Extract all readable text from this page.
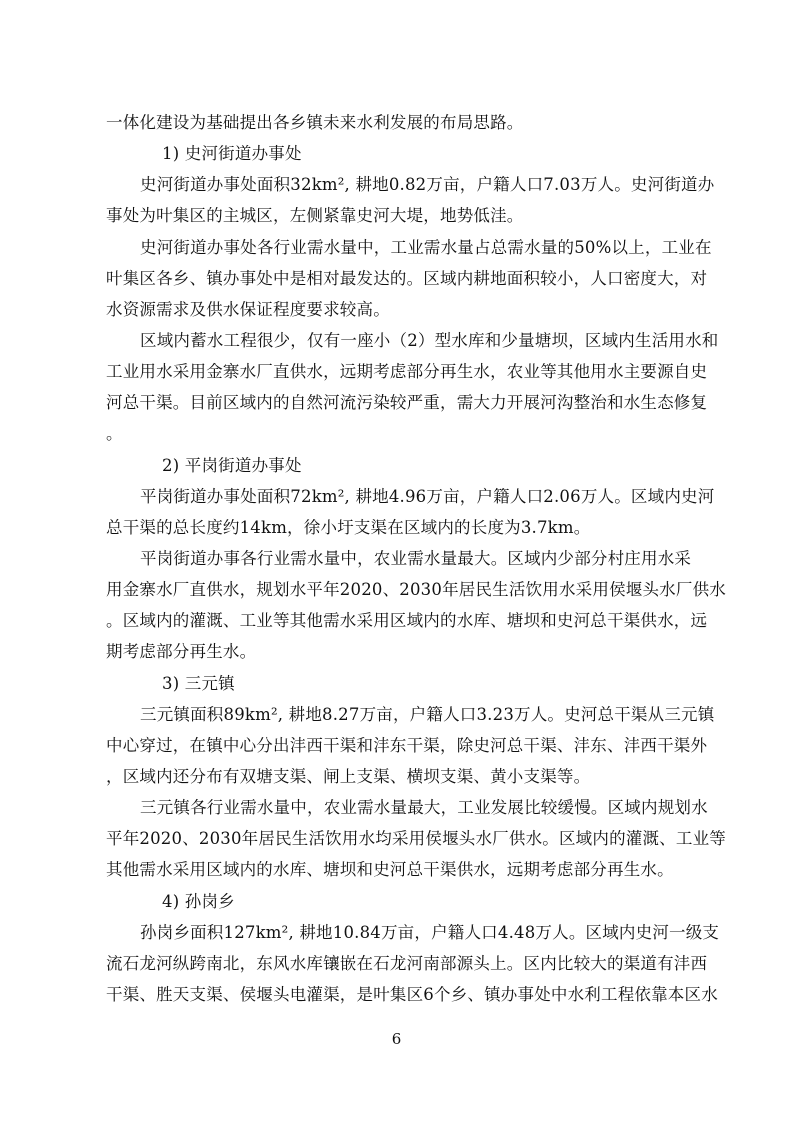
一体化建设为基础提出各乡镇未来水利发展的布局思路。
1) 史河街道办事处
史河街道办事处面积32km², 耕地0.82万亩，户籍人口7.03万人。史河街道办
事处为叶集区的主城区，左侧紧靠史河大堤，地势低洼。
史河街道办事处各行业需水量中，工业需水量占总需水量的50%以上，工业在
叶集区各乡、镇办事处中是相对最发达的。区域内耕地面积较小，人口密度大，对
水资源需求及供水保证程度要求较高。
区域内蓄水工程很少，仅有一座小（2）型水库和少量塘坝，区域内生活用水和
工业用水采用金寨水厂直供水，远期考虑部分再生水，农业等其他用水主要源自史
河总干渠。目前区域内的自然河流污染较严重，需大力开展河沟整治和水生态修复
。
2) 平岗街道办事处
平岗街道办事处面积72km², 耕地4.96万亩，户籍人口2.06万人。区域内史河
总干渠的总长度约14km，徐小圩支渠在区域内的长度为3.7km。
平岗街道办事各行业需水量中，农业需水量最大。区域内少部分村庄用水采
用金寨水厂直供水，规划水平年2020、2030年居民生活饮用水采用侯堰头水厂供水
。区域内的灌溉、工业等其他需水采用区域内的水库、塘坝和史河总干渠供水，远
期考虑部分再生水。
3) 三元镇
三元镇面积89km², 耕地8.27万亩，户籍人口3.23万人。史河总干渠从三元镇
中心穿过，在镇中心分出沣西干渠和沣东干渠，除史河总干渠、沣东、沣西干渠外
，区域内还分布有双塘支渠、闸上支渠、横坝支渠、黄小支渠等。
三元镇各行业需水量中，农业需水量最大，工业发展比较缓慢。区域内规划水
平年2020、2030年居民生活饮用水均采用侯堰头水厂供水。区域内的灌溉、工业等
其他需水采用区域内的水库、塘坝和史河总干渠供水，远期考虑部分再生水。
4) 孙岗乡
孙岗乡面积127km², 耕地10.84万亩，户籍人口4.48万人。区域内史河一级支
流石龙河纵跨南北，东风水库镶嵌在石龙河南部源头上。区内比较大的渠道有沣西
干渠、胜天支渠、侯堰头电灌渠，是叶集区6个乡、镇办事处中水利工程依靠本区水
6
